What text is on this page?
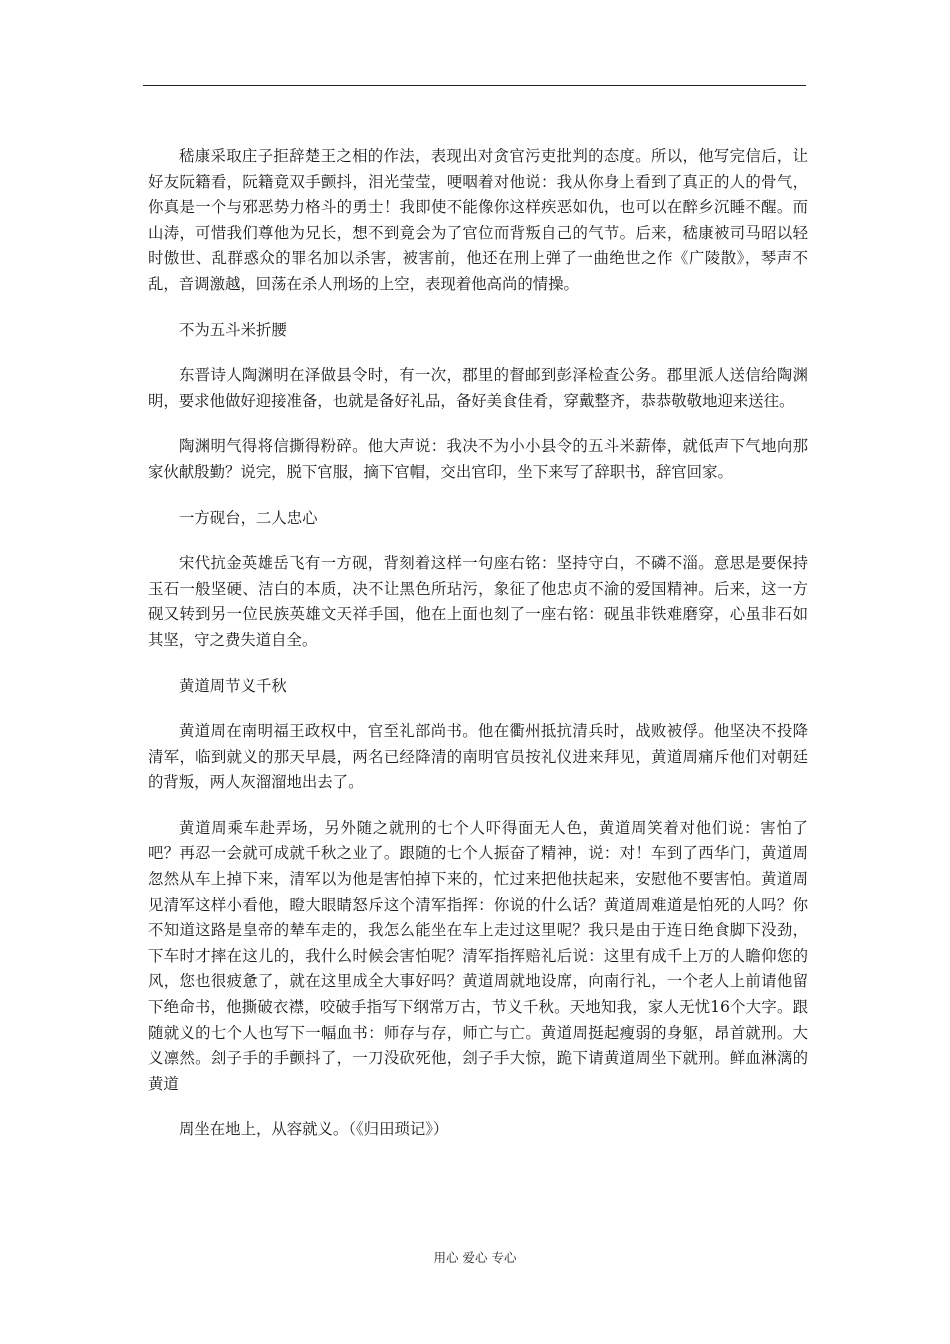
嵇康采取庄子拒辞楚王之相的作法，表现出对贪官污吏批判的态度。所以，他写完信后，让好友阮籍看，阮籍竟双手颤抖，泪光莹莹，哽咽着对他说：我从你身上看到了真正的人的骨气，你真是一个与邪恶势力格斗的勇士！我即使不能像你这样疾恶如仇，也可以在醉乡沉睡不醒。而山涛，可惜我们尊他为兄长，想不到竟会为了官位而背叛自己的气节。后来，嵇康被司马昭以轻时傲世、乱群惑众的罪名加以杀害，被害前，他还在刑上弹了一曲绝世之作《广陵散》，琴声不乱，音调激越，回荡在杀人刑场的上空，表现着他高尚的情操。

不为五斗米折腰

东晋诗人陶渊明在泽做县令时，有一次，郡里的督邮到彭泽检查公务。郡里派人送信给陶渊明，要求他做好迎接准备，也就是备好礼品，备好美食佳肴，穿戴整齐，恭恭敬敬地迎来送往。

陶渊明气得将信撕得粉碎。他大声说：我决不为小小县令的五斗米薪俸，就低声下气地向那家伙献殷勤？说完，脱下官服，摘下官帽，交出官印，坐下来写了辞职书，辞官回家。

一方砚台，二人忠心

宋代抗金英雄岳飞有一方砚，背刻着这样一句座右铭：坚持守白，不磷不淄。意思是要保持玉石一般坚硬、洁白的本质，决不让黑色所玷污，象征了他忠贞不渝的爱国精神。后来，这一方砚又转到另一位民族英雄文天祥手国，他在上面也刻了一座右铭：砚虽非铁难磨穿，心虽非石如其坚，守之费失道自全。

黄道周节义千秋

黄道周在南明福王政权中，官至礼部尚书。他在衢州抵抗清兵时，战败被俘。他坚决不投降清军，临到就义的那天早晨，两名已经降清的南明官员按礼仪进来拜见，黄道周痛斥他们对朝廷的背叛，两人灰溜溜地出去了。

黄道周乘车赴弄场，另外随之就刑的七个人吓得面无人色，黄道周笑着对他们说：害怕了吧？再忍一会就可成就千秋之业了。跟随的七个人振奋了精神，说：对！车到了西华门，黄道周忽然从车上掉下来，清军以为他是害怕掉下来的，忙过来把他扶起来，安慰他不要害怕。黄道周见清军这样小看他，瞪大眼睛怒斥这个清军指挥：你说的什么话？黄道周难道是怕死的人吗？你不知道这路是皇帝的辇车走的，我怎么能坐在车上走过这里呢？我只是由于连日绝食脚下没劲，下车时才摔在这儿的，我什么时候会害怕呢？清军指挥赔礼后说：这里有成千上万的人瞻仰您的风，您也很疲惫了，就在这里成全大事好吗？黄道周就地设席，向南行礼，一个老人上前请他留下绝命书，他撕破衣襟，咬破手指写下纲常万古，节义千秋。天地知我，家人无忧16个大字。跟随就义的七个人也写下一幅血书：师存与存，师亡与亡。黄道周挺起瘦弱的身躯，昂首就刑。大义凛然。刽子手的手颤抖了，一刀没砍死他，刽子手大惊，跪下请黄道周坐下就刑。鲜血淋漓的黄道

周坐在地上，从容就义。（《归田琐记》）

用心 爱心 专心
